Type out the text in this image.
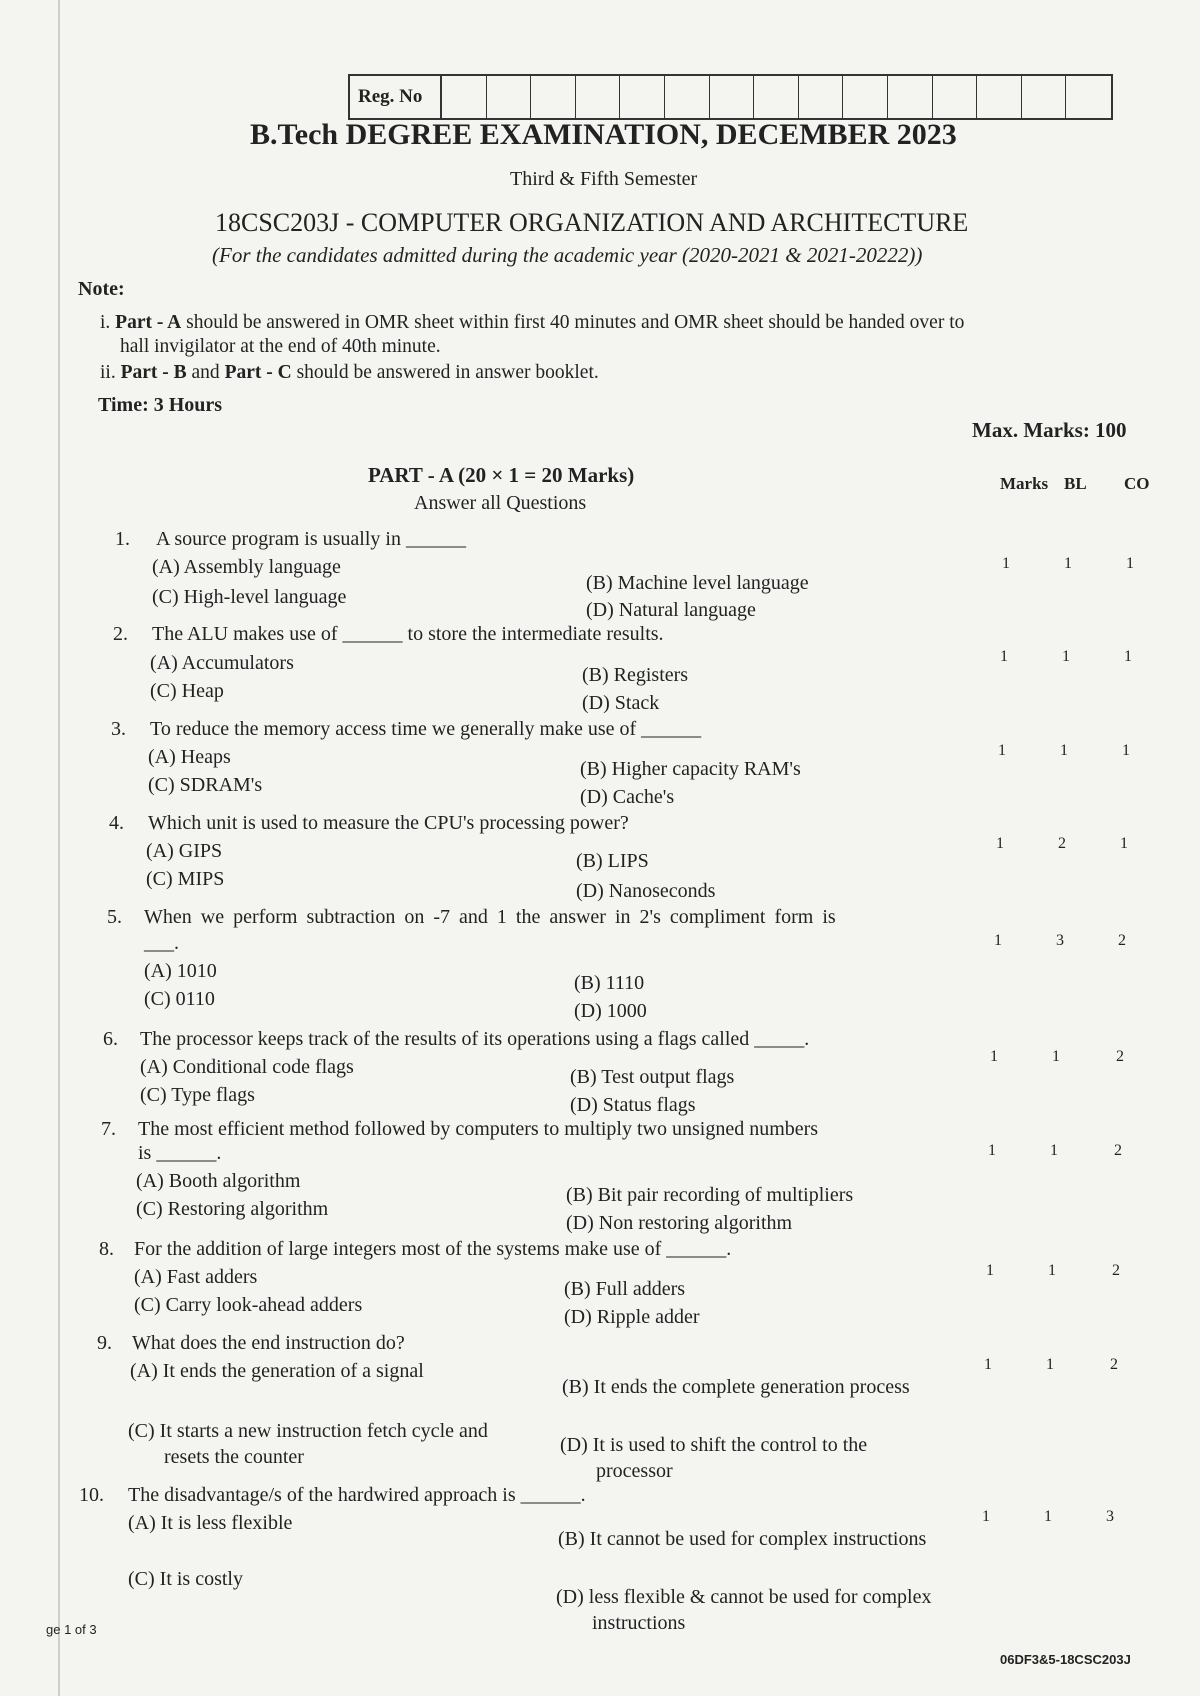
Reg. No
B.Tech DEGREE EXAMINATION, DECEMBER 2023
Third & Fifth Semester
18CSC203J - COMPUTER ORGANIZATION AND ARCHITECTURE
(For the candidates admitted during the academic year (2020-2021 & 2021-20222))
Note:
i. Part - A should be answered in OMR sheet within first 40 minutes and OMR sheet should be handed over to
hall invigilator at the end of 40th minute.
ii. Part - B and Part - C should be answered in answer booklet.
Time: 3 Hours
Max. Marks: 100
PART - A (20 × 1 = 20 Marks)
Answer all Questions
Marks BL CO
1. A source program is usually in ______
(A) Assembly language
(B) Machine level language
(C) High-level language
(D) Natural language
1	1	1
2. The ALU makes use of ______ to store the intermediate results.
(A) Accumulators
(B) Registers
(C) Heap
(D) Stack
1	1	1
3. To reduce the memory access time we generally make use of ______
(A) Heaps
(B) Higher capacity RAM's
(C) SDRAM's
(D) Cache's
1	1	1
4. Which unit is used to measure the CPU's processing power?
(A) GIPS	(B) LIPS
(C) MIPS
(D) Nanoseconds
1	2	1
5. When we perform subtraction on -7 and 1 the answer in 2's compliment form is
___.
(A) 1010
(B) 1110
(C) 0110
(D) 1000
1	3	2
6. The processor keeps track of the results of its operations using a flags called _____.
(A) Conditional code flags	(B) Test output flags
(C) Type flags	(D) Status flags
1	1	2
7. The most efficient method followed by computers to multiply two unsigned numbers
is ______.
(A) Booth algorithm
(B) Bit pair recording of multipliers
(C) Restoring algorithm
(D) Non restoring algorithm
1	1	2
8. For the addition of large integers most of the systems make use of ______.
(A) Fast adders
(B) Full adders
(C) Carry look-ahead adders
(D) Ripple adder
1	1	2
9. What does the end instruction do?
(A) It ends the generation of a signal
(B) It ends the complete generation process
(C) It starts a new instruction fetch cycle and resets the counter
(D) It is used to shift the control to the processor
1	1	2
10. The disadvantage/s of the hardwired approach is ______.
(A) It is less flexible
(B) It cannot be used for complex instructions
(C) It is costly
(D) less flexible & cannot be used for complex instructions
1	1	3
ge 1 of 3
06DF3&5-18CSC203J
